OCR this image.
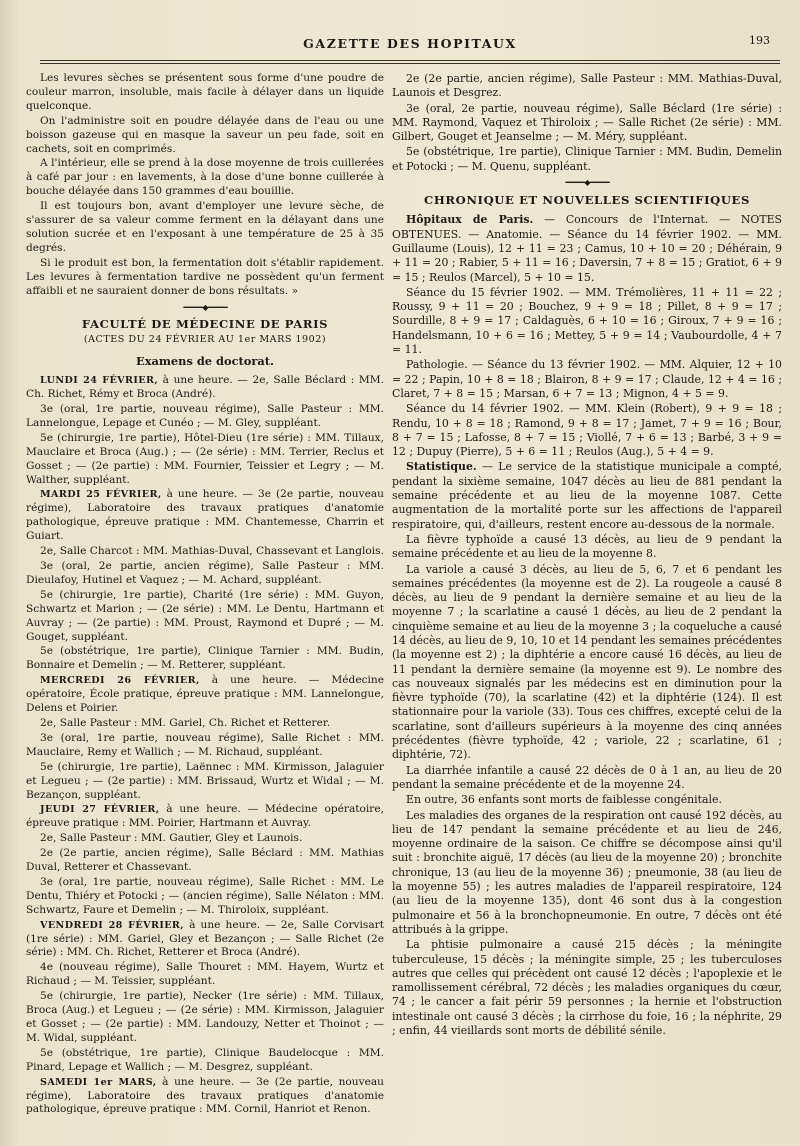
GAZETTE DES HOPITAUX	193

Les levures sèches se présentent sous forme d'une poudre de couleur marron, insoluble, mais facile à délayer dans un liquide quelconque.

On l'administre soit en poudre délayée dans de l'eau ou une boisson gazeuse qui en masque la saveur un peu fade, soit en cachets, soit en comprimés.

A l'intérieur, elle se prend à la dose moyenne de trois cuillerées à café par jour : en lavements, à la dose d'une bonne cuillerée à bouche délayée dans 150 grammes d'eau bouillie.

Il est toujours bon, avant d'employer une levure sèche, de s'assurer de sa valeur comme ferment en la délayant dans une solution sucrée et en l'exposant à une température de 25 à 35 degrés.

Si le produit est bon, la fermentation doit s'établir rapidement. Les levures à fermentation tardive ne possèdent qu'un ferment affaibli et ne sauraient donner de bons résultats. »

━━━━━◆━━━━━
FACULTÉ DE MÉDECINE DE PARIS
(ACTES DU 24 FÉVRIER AU 1er MARS 1902)
Examens de doctorat.

LUNDI 24 FÉVRIER, à une heure. — 2e, Salle Béclard : MM. Ch. Richet, Rémy et Broca (André).

3e (oral, 1re partie, nouveau régime), Salle Pasteur : MM. Lannelongue, Lepage et Cunéo ; — M. Gley, suppléant.

5e (chirurgie, 1re partie), Hôtel-Dieu (1re série) : MM. Tillaux, Mauclaire et Broca (Aug.) ; — (2e série) : MM. Terrier, Reclus et Gosset ; — (2e partie) : MM. Fournier, Teissier et Legry ; — M. Walther, suppléant.

MARDI 25 FÉVRIER, à une heure. — 3e (2e partie, nouveau régime), Laboratoire des travaux pratiques d'anatomie pathologique, épreuve pratique : MM. Chantemesse, Charrin et Guiart.

2e, Salle Charcot : MM. Mathias-Duval, Chassevant et Langlois.

3e (oral, 2e partie, ancien régime), Salle Pasteur : MM. Dieulafoy, Hutinel et Vaquez ; — M. Achard, suppléant.

5e (chirurgie, 1re partie), Charité (1re série) : MM. Guyon, Schwartz et Marion ; — (2e série) : MM. Le Dentu, Hartmann et Auvray ; — (2e partie) : MM. Proust, Raymond et Dupré ; — M. Gouget, suppléant.

5e (obstétrique, 1re partie), Clinique Tarnier : MM. Budin, Bonnaire et Demelin ; — M. Retterer, suppléant.

MERCREDI 26 FÉVRIER, à une heure. — Médecine opératoire, École pratique, épreuve pratique : MM. Lannelongue, Delens et Poirier.

2e, Salle Pasteur : MM. Gariel, Ch. Richet et Retterer.

3e (oral, 1re partie, nouveau régime), Salle Richet : MM. Mauclaire, Remy et Wallich ; — M. Richaud, suppléant.

5e (chirurgie, 1re partie), Laënnec : MM. Kirmisson, Jalaguier et Legueu ; — (2e partie) : MM. Brissaud, Wurtz et Widal ; — M. Bezançon, suppléant.

JEUDI 27 FÉVRIER, à une heure. — Médecine opératoire, épreuve pratique : MM. Poirier, Hartmann et Auvray.

2e, Salle Pasteur : MM. Gautier, Gley et Launois.

2e (2e partie, ancien régime), Salle Béclard : MM. Mathias Duval, Retterer et Chassevant.

3e (oral, 1re partie, nouveau régime), Salle Richet : MM. Le Dentu, Thiéry et Potocki ; — (ancien régime), Salle Nélaton : MM. Schwartz, Faure et Demelin ; — M. Thiroloix, suppléant.

VENDREDI 28 FÉVRIER, à une heure. — 2e, Salle Corvisart (1re série) : MM. Gariel, Gley et Bezançon ; — Salle Richet (2e série) : MM. Ch. Richet, Retterer et Broca (André).

4e (nouveau régime), Salle Thouret : MM. Hayem, Wurtz et Richaud ; — M. Teissier, suppléant.

5e (chirurgie, 1re partie), Necker (1re série) : MM. Tillaux, Broca (Aug.) et Legueu ; — (2e série) : MM. Kirmisson, Jalaguier et Gosset ; — (2e partie) : MM. Landouzy, Netter et Thoinot ; — M. Widal, suppléant.

5e (obstétrique, 1re partie), Clinique Baudelocque : MM. Pinard, Lepage et Wallich ; — M. Desgrez, suppléant.

SAMEDI 1er MARS, à une heure. — 3e (2e partie, nouveau régime), Laboratoire des travaux pratiques d'anatomie pathologique, épreuve pratique : MM. Cornil, Hanriot et Renon.

2e (2e partie, ancien régime), Salle Pasteur : MM. Mathias-Duval, Launois et Desgrez.

3e (oral, 2e partie, nouveau régime), Salle Béclard (1re série) : MM. Raymond, Vaquez et Thiroloix ; — Salle Richet (2e série) : MM. Gilbert, Gouget et Jeanselme ; — M. Méry, suppléant.

5e (obstétrique, 1re partie), Clinique Tarnier : MM. Budin, Demelin et Potocki ; — M. Quenu, suppléant.

━━━━━◆━━━━━
CHRONIQUE ET NOUVELLES SCIENTIFIQUES

Hôpitaux de Paris. — Concours de l'Internat. — NOTES OBTENUES. — Anatomie. — Séance du 14 février 1902. — MM. Guillaume (Louis), 12 + 11 = 23 ; Camus, 10 + 10 = 20 ; Déhérain, 9 + 11 = 20 ; Rabier, 5 + 11 = 16 ; Daversin, 7 + 8 = 15 ; Gratiot, 6 + 9 = 15 ; Reulos (Marcel), 5 + 10 = 15.

Séance du 15 février 1902. — MM. Trémolières, 11 + 11 = 22 ; Roussy, 9 + 11 = 20 ; Bouchez, 9 + 9 = 18 ; Pillet, 8 + 9 = 17 ; Sourdille, 8 + 9 = 17 ; Caldaguès, 6 + 10 = 16 ; Giroux, 7 + 9 = 16 ; Handelsmann, 10 + 6 = 16 ; Mettey, 5 + 9 = 14 ; Vaubourdolle, 4 + 7 = 11.

Pathologie. — Séance du 13 février 1902. — MM. Alquier, 12 + 10 = 22 ; Papin, 10 + 8 = 18 ; Blairon, 8 + 9 = 17 ; Claude, 12 + 4 = 16 ; Claret, 7 + 8 = 15 ; Marsan, 6 + 7 = 13 ; Mignon, 4 + 5 = 9.

Séance du 14 février 1902. — MM. Klein (Robert), 9 + 9 = 18 ; Rendu, 10 + 8 = 18 ; Ramond, 9 + 8 = 17 ; Jamet, 7 + 9 = 16 ; Bour, 8 + 7 = 15 ; Lafosse, 8 + 7 = 15 ; Viollé, 7 + 6 = 13 ; Barbé, 3 + 9 = 12 ; Dupuy (Pierre), 5 + 6 = 11 ; Reulos (Aug.), 5 + 4 = 9.

Statistique. — Le service de la statistique municipale a compté, pendant la sixième semaine, 1047 décès au lieu de 881 pendant la semaine précédente et au lieu de la moyenne 1087. Cette augmentation de la mortalité porte sur les affections de l'appareil respiratoire, qui, d'ailleurs, restent encore au-dessous de la normale.

La fièvre typhoïde a causé 13 décès, au lieu de 9 pendant la semaine précédente et au lieu de la moyenne 8.

La variole a causé 3 décès, au lieu de 5, 6, 7 et 6 pendant les semaines précédentes (la moyenne est de 2). La rougeole a causé 8 décès, au lieu de 9 pendant la dernière semaine et au lieu de la moyenne 7 ; la scarlatine a causé 1 décès, au lieu de 2 pendant la cinquième semaine et au lieu de la moyenne 3 ; la coqueluche a causé 14 décès, au lieu de 9, 10, 10 et 14 pendant les semaines précédentes (la moyenne est 2) ; la diphtérie a encore causé 16 décès, au lieu de 11 pendant la dernière semaine (la moyenne est 9). Le nombre des cas nouveaux signalés par les médecins est en diminution pour la fièvre typhoïde (70), la scarlatine (42) et la diphtérie (124). Il est stationnaire pour la variole (33). Tous ces chiffres, excepté celui de la scarlatine, sont d'ailleurs supérieurs à la moyenne des cinq années précédentes (fièvre typhoïde, 42 ; variole, 22 ; scarlatine, 61 ; diphtérie, 72).

La diarrhée infantile a causé 22 décès de 0 à 1 an, au lieu de 20 pendant la semaine précédente et de la moyenne 24.

En outre, 36 enfants sont morts de faiblesse congénitale.

Les maladies des organes de la respiration ont causé 192 décès, au lieu de 147 pendant la semaine précédente et au lieu de 246, moyenne ordinaire de la saison. Ce chiffre se décompose ainsi qu'il suit : bronchite aiguë, 17 décès (au lieu de la moyenne 20) ; bronchite chronique, 13 (au lieu de la moyenne 36) ; pneumonie, 38 (au lieu de la moyenne 55) ; les autres maladies de l'appareil respiratoire, 124 (au lieu de la moyenne 135), dont 46 sont dus à la congestion pulmonaire et 56 à la bronchopneumonie. En outre, 7 décès ont été attribués à la grippe.

La phtisie pulmonaire a causé 215 décès ; la méningite tuberculeuse, 15 décès ; la méningite simple, 25 ; les tuberculoses autres que celles qui précèdent ont causé 12 décès ; l'apoplexie et le ramollissement cérébral, 72 décès ; les maladies organiques du cœur, 74 ; le cancer a fait périr 59 personnes ; la hernie et l'obstruction intestinale ont causé 3 décès ; la cirrhose du foie, 16 ; la néphrite, 29 ; enfin, 44 vieillards sont morts de débilité sénile.
